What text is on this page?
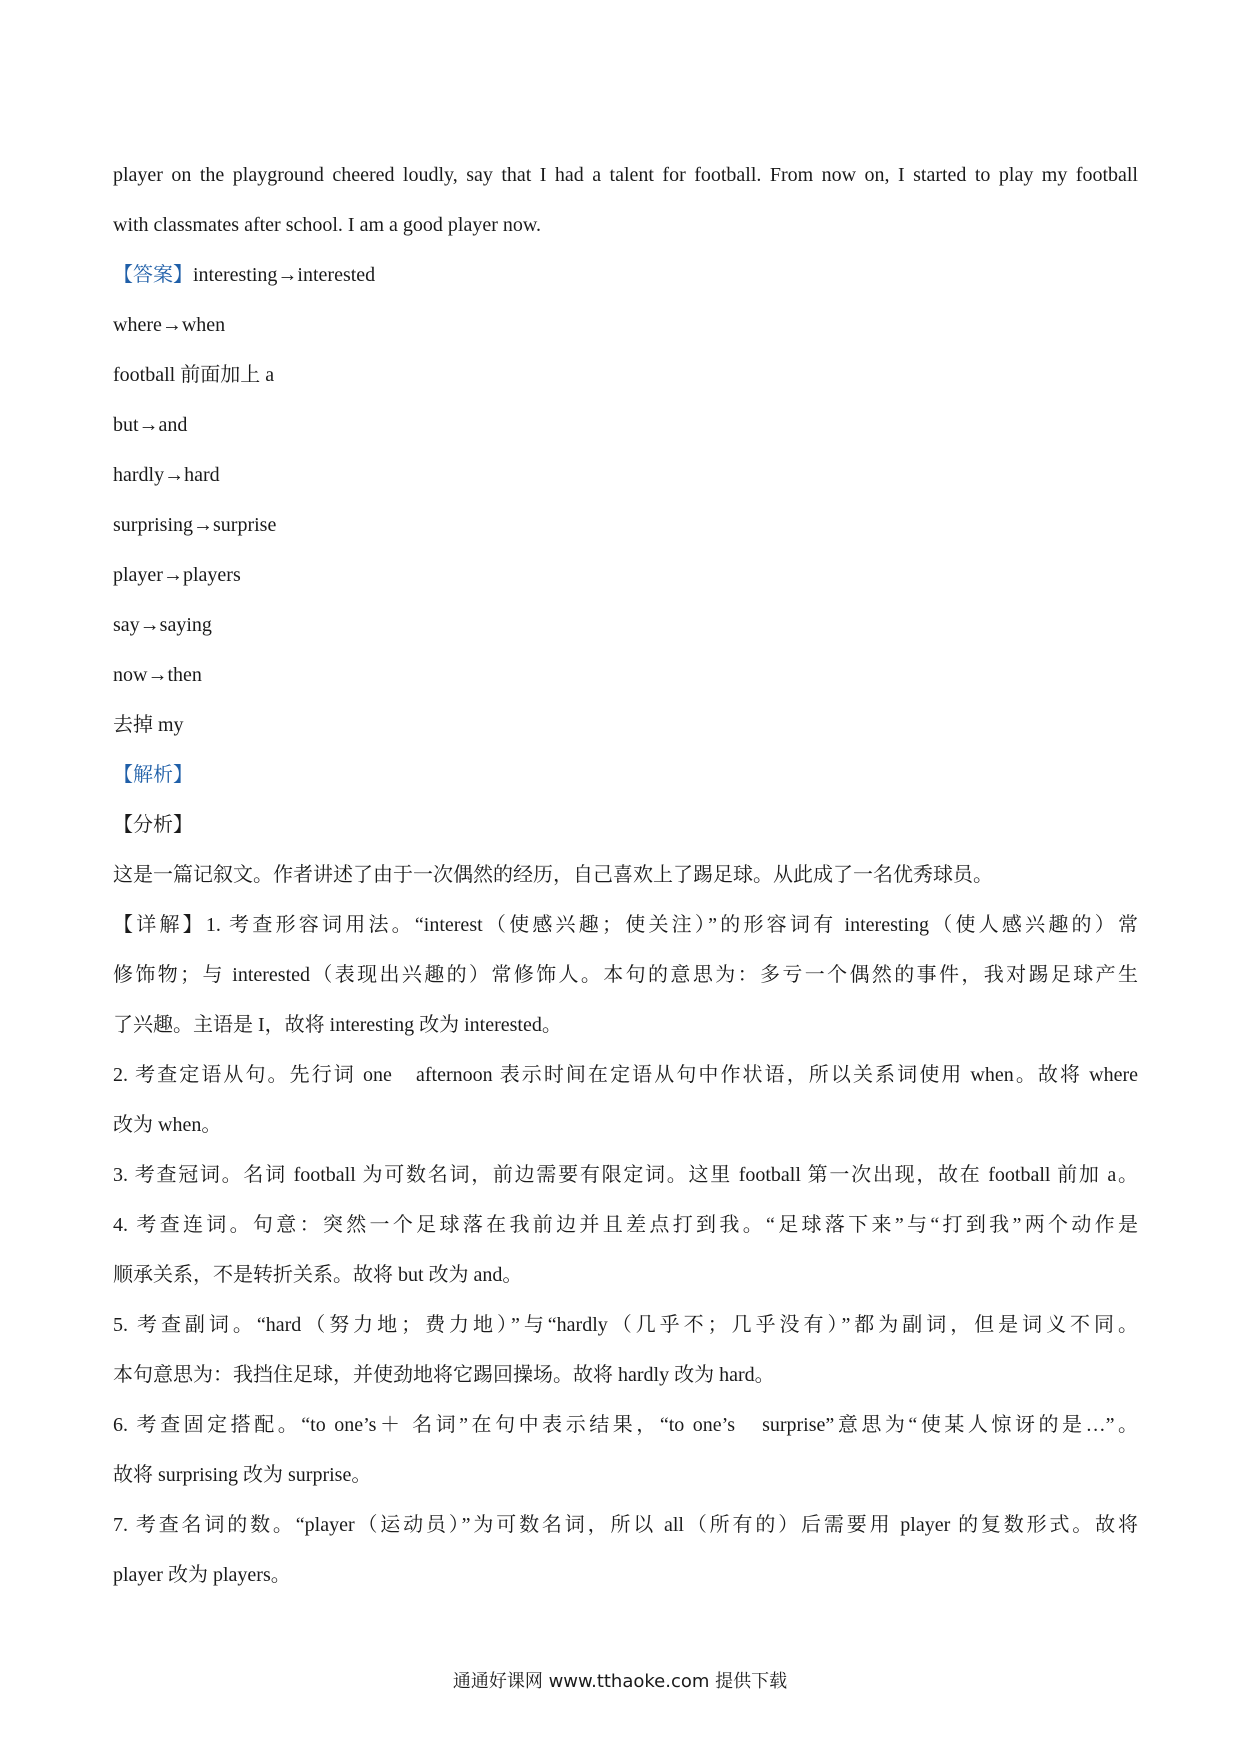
player on the playground cheered loudly, say that I had a talent for football. From now on, I started to play my football
with classmates after school. I am a good player now.
【答案】interesting→interested
where→when
football 前面加上 a
but→and
hardly→hard
surprising→surprise
player→players
say→saying
now→then
去掉 my
【解析】
【分析】
这是一篇记叙文。作者讲述了由于一次偶然的经历，自己喜欢上了踢足球。从此成了一名优秀球员。
【详解】1. 考查形容词用法。“interest（使感兴趣；使关注）”的形容词有 interesting（使人感兴趣的）常
修饰物；与 interested（表现出兴趣的）常修饰人。本句的意思为：多亏一个偶然的事件，我对踢足球产生
了兴趣。主语是 I，故将 interesting 改为 interested。
2. 考查定语从句。先行词 one　afternoon 表示时间在定语从句中作状语，所以关系词使用 when。故将 where
改为 when。
3. 考查冠词。名词 football 为可数名词，前边需要有限定词。这里 football 第一次出现，故在 football 前加 a。
4. 考查连词。句意：突然一个足球落在我前边并且差点打到我。“足球落下来”与“打到我”两个动作是
顺承关系，不是转折关系。故将 but 改为 and。
5. 考查副词。“hard（努力地；费力地）”与“hardly（几乎不；几乎没有）”都为副词，但是词义不同。
本句意思为：我挡住足球，并使劲地将它踢回操场。故将 hardly 改为 hard。
6. 考查固定搭配。“to one’s＋ 名词”在句中表示结果，“to one’s　surprise”意思为“使某人惊讶的是…”。
故将 surprising 改为 surprise。
7. 考查名词的数。“player（运动员）”为可数名词，所以 all（所有的）后需要用 player 的复数形式。故将
player 改为 players。
通通好课网 www.tthaoke.com 提供下载
